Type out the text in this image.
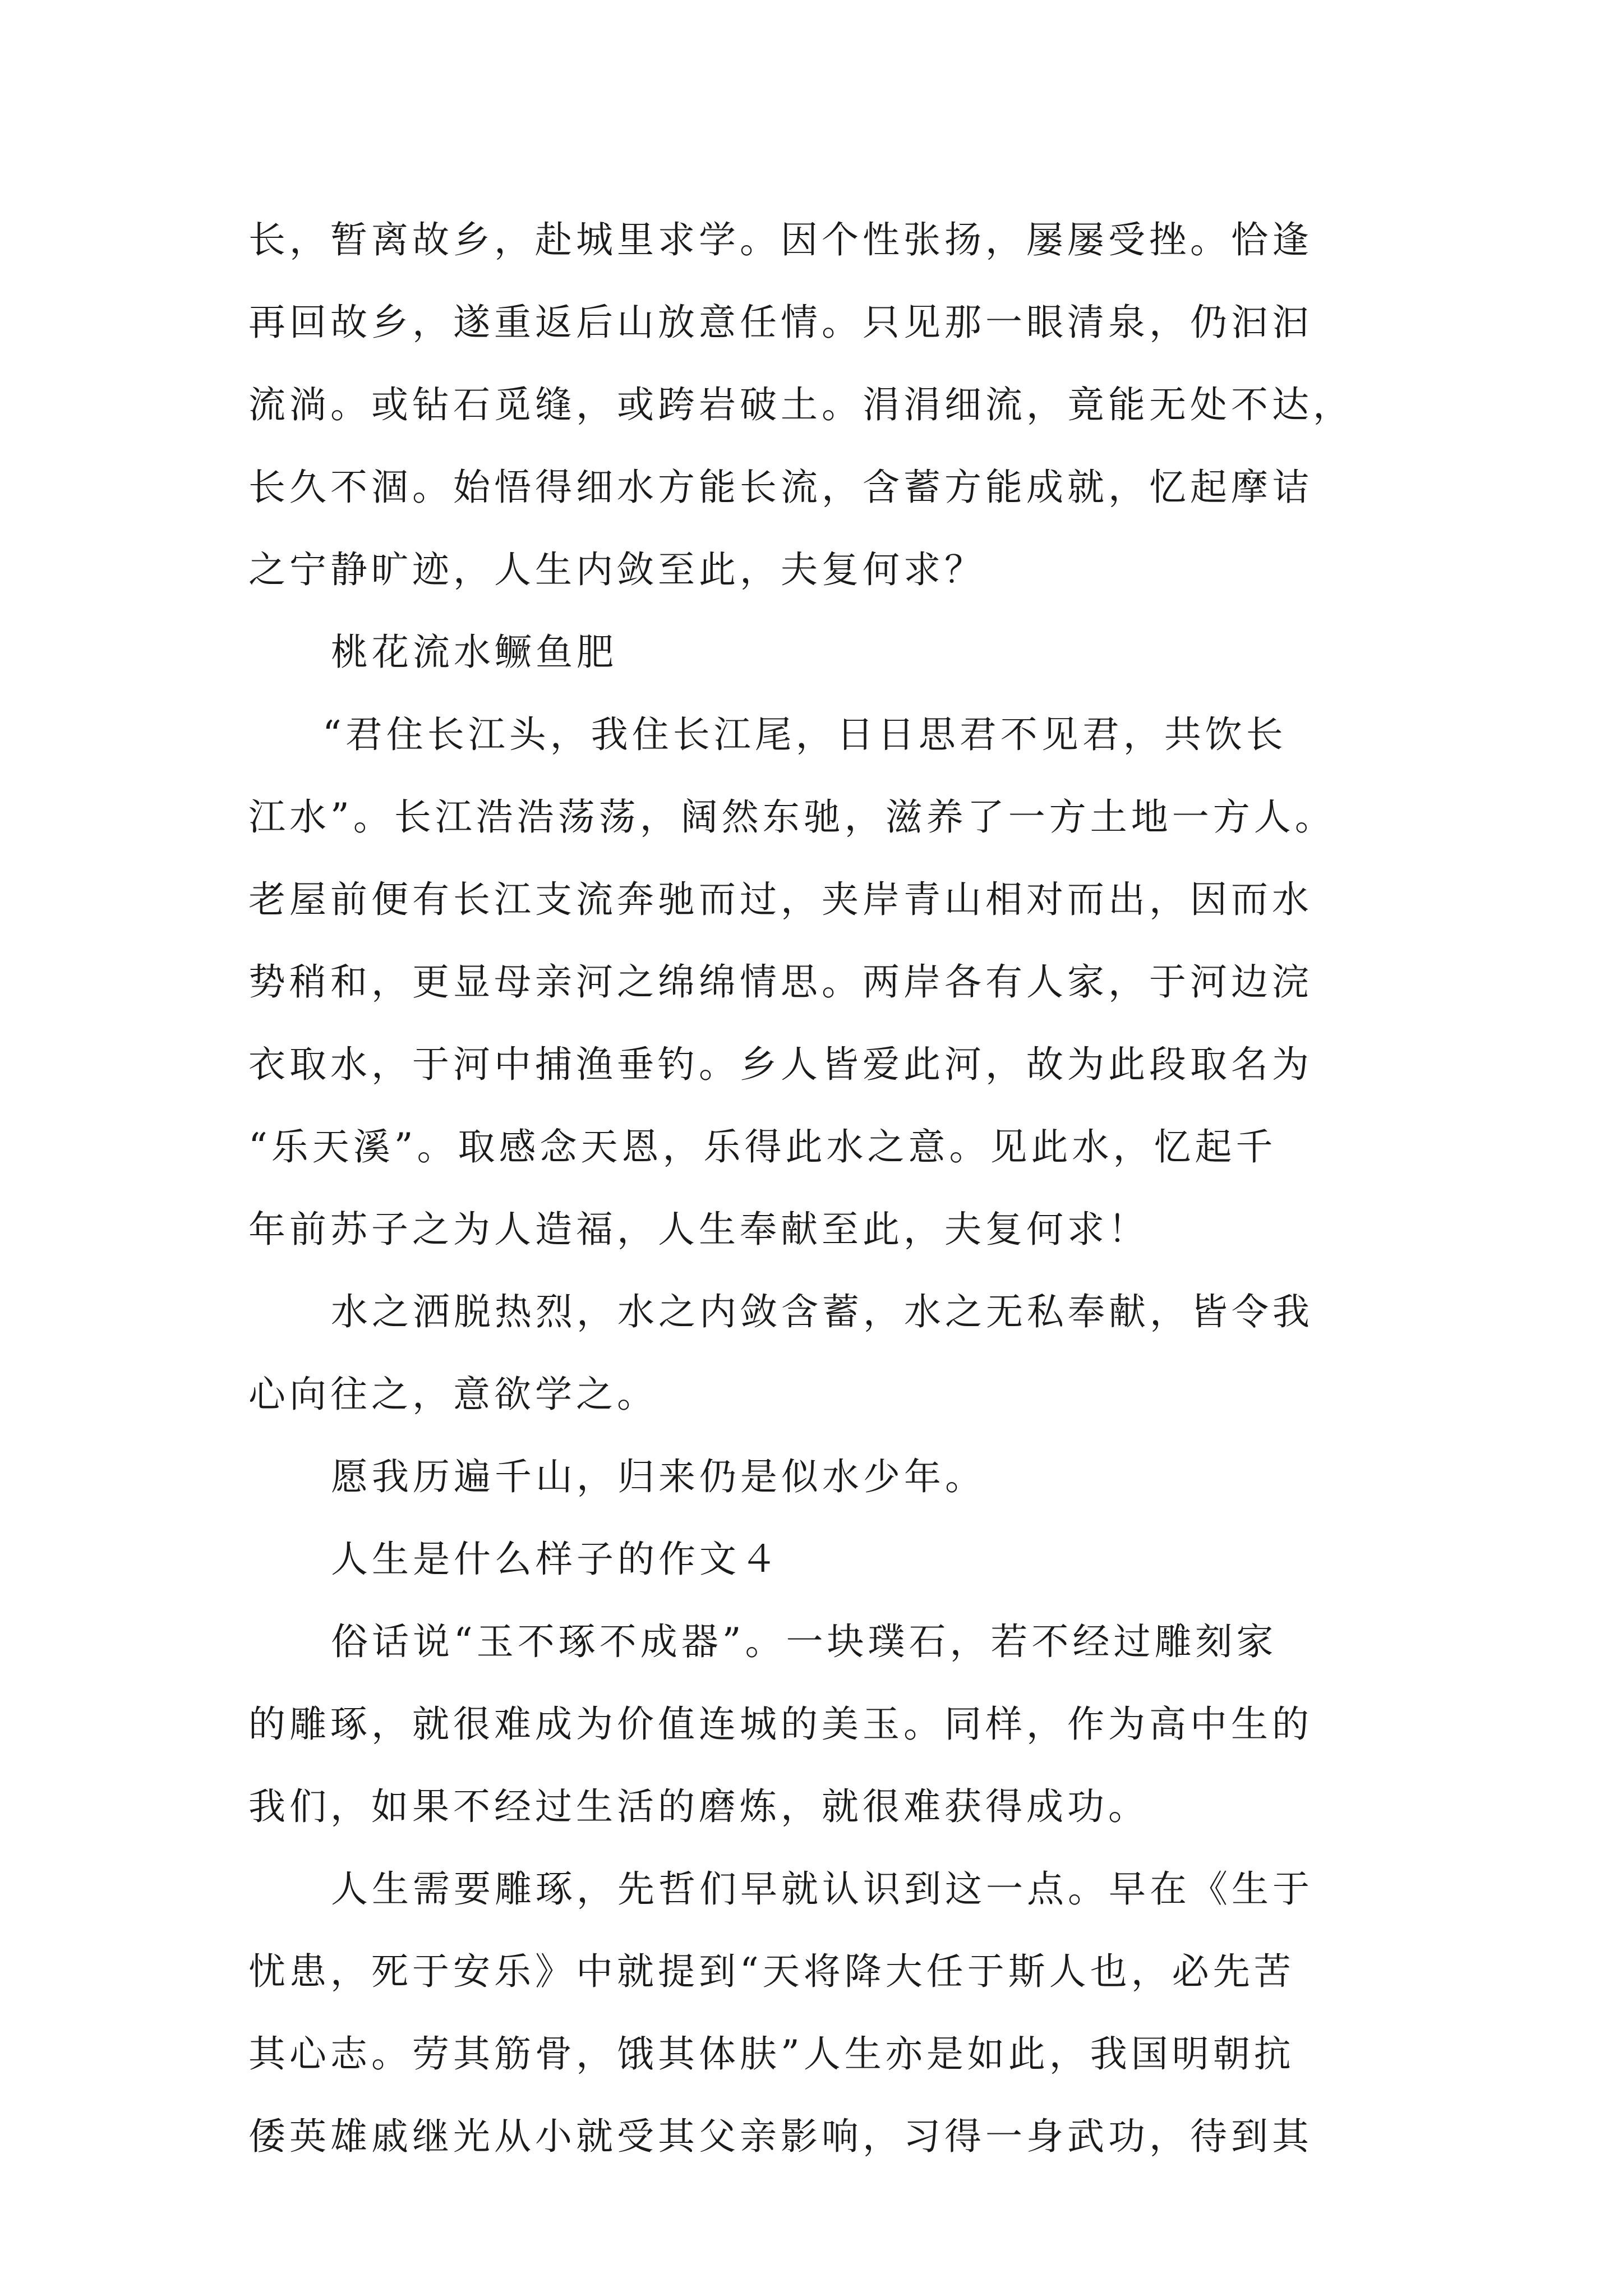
长，暂离故乡，赴城里求学。因个性张扬，屡屡受挫。恰逢

再回故乡，遂重返后山放意任情。只见那一眼清泉，仍汩汩

流淌。或钻石觅缝，或跨岩破土。涓涓细流，竟能无处不达，

长久不涸。始悟得细水方能长流，含蓄方能成就，忆起摩诘

之宁静旷迹，人生内敛至此，夫复何求？

桃花流水鳜鱼肥

“君住长江头，我住长江尾，日日思君不见君，共饮长

江水”。长江浩浩荡荡，阔然东驰，滋养了一方土地一方人。

老屋前便有长江支流奔驰而过，夹岸青山相对而出，因而水

势稍和，更显母亲河之绵绵情思。两岸各有人家，于河边浣

衣取水，于河中捕渔垂钓。乡人皆爱此河，故为此段取名为

“乐天溪”。取感念天恩，乐得此水之意。见此水，忆起千

年前苏子之为人造福，人生奉献至此，夫复何求！

水之洒脱热烈，水之内敛含蓄，水之无私奉献，皆令我

心向往之，意欲学之。

愿我历遍千山，归来仍是似水少年。

人生是什么样子的作文４

俗话说“玉不琢不成器”。一块璞石，若不经过雕刻家

的雕琢，就很难成为价值连城的美玉。同样，作为高中生的

我们，如果不经过生活的磨炼，就很难获得成功。

人生需要雕琢，先哲们早就认识到这一点。早在《生于

忧患，死于安乐》中就提到“天将降大任于斯人也，必先苦

其心志。劳其筋骨，饿其体肤”人生亦是如此，我国明朝抗

倭英雄戚继光从小就受其父亲影响，习得一身武功，待到其
